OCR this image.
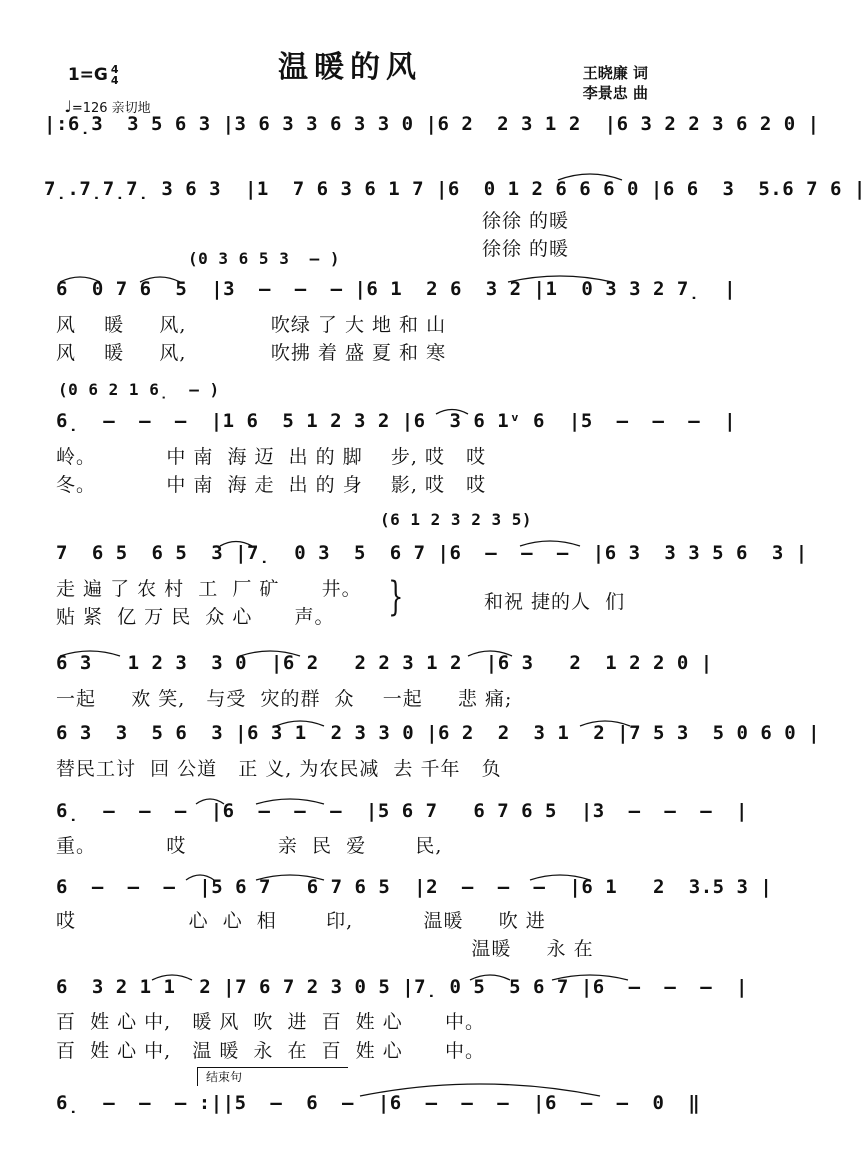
温暖的风

1=G 4
4

♩=126 亲切地

王晓廉 词
李景忠 曲
|:6̣3  3 5 6 3 |3 6 3 3 6 3 3 0 |6 2  2 3 1 2  |6 3 2 2 3 6 2 0 |
7̣.7̣7̣7̣ 3 6 3  |1  7 6 3 6 1 7 |6  0 1 2 6 6 6 0 |6 6  3  5.6 7 6 |
徐徐 的暖
徐徐 的暖
(0 3 6 5 3  – )
6  0 7 6  5  |3  –  –  – |6 1  2 6  3 2 |1  0 3 3 2 7̣  |
风    暖     风,            吹绿 了 大 地 和 山
风    暖     风,            吹拂 着 盛 夏 和 寒
(0 6 2 1 6̣  – )
6̣  –  –  –  |1 6  5 1 2 3 2 |6  3 6 1ᵛ 6  |5  –  –  –  |
岭。          中 南  海 迈  出 的 脚    步, 哎   哎
冬。          中 南  海 走  出 的 身    影, 哎   哎
(6 1 2 3 2 3 5)
7  6 5  6 5  3 |7̣  0 3  5  6 7 |6  –  –  –  |6 3  3 3 5 6  3 |
走 遍 了 农 村  工  厂 矿      井。
贴 紧  亿 万 民  众 心      声。 }	和祝 捷的人  们
6 3   1 2 3  3 0  |6 2   2 2 3 1 2  |6 3   2  1 2 2 0 |
一起     欢 笑,   与受  灾的群  众    一起     悲 痛;
6 3  3  5 6  3 |6 3 1  2 3 3 0 |6 2  2  3 1  2 |7 5 3  5 0 6 0 |
替民工讨  回 公道   正 义, 为农民减  去 千年   负
6̣  –  –  –  |6  –  –  –  |5 6 7   6 7 6 5  |3  –  –  –  |
重。          哎             亲  民  爱       民,
6  –  –  –  |5 6 7   6 7 6 5  |2  –  –  –  |6 1   2  3.5 3 |
哎                心  心  相       印,          温暖     吹 进
温暖     永 在
6  3 2 1 1  2 |7 6 7 2 3 0 5 |7̣ 0 5  5 6 7 |6  –  –  –  |
百  姓 心 中,   暖 风  吹  进  百  姓 心      中。
百  姓 心 中,   温 暖  永  在  百  姓 心      中。
结束句
6̣  –  –  – :||5  –  6  –  |6  –  –  –  |6  –  –  0  ‖
